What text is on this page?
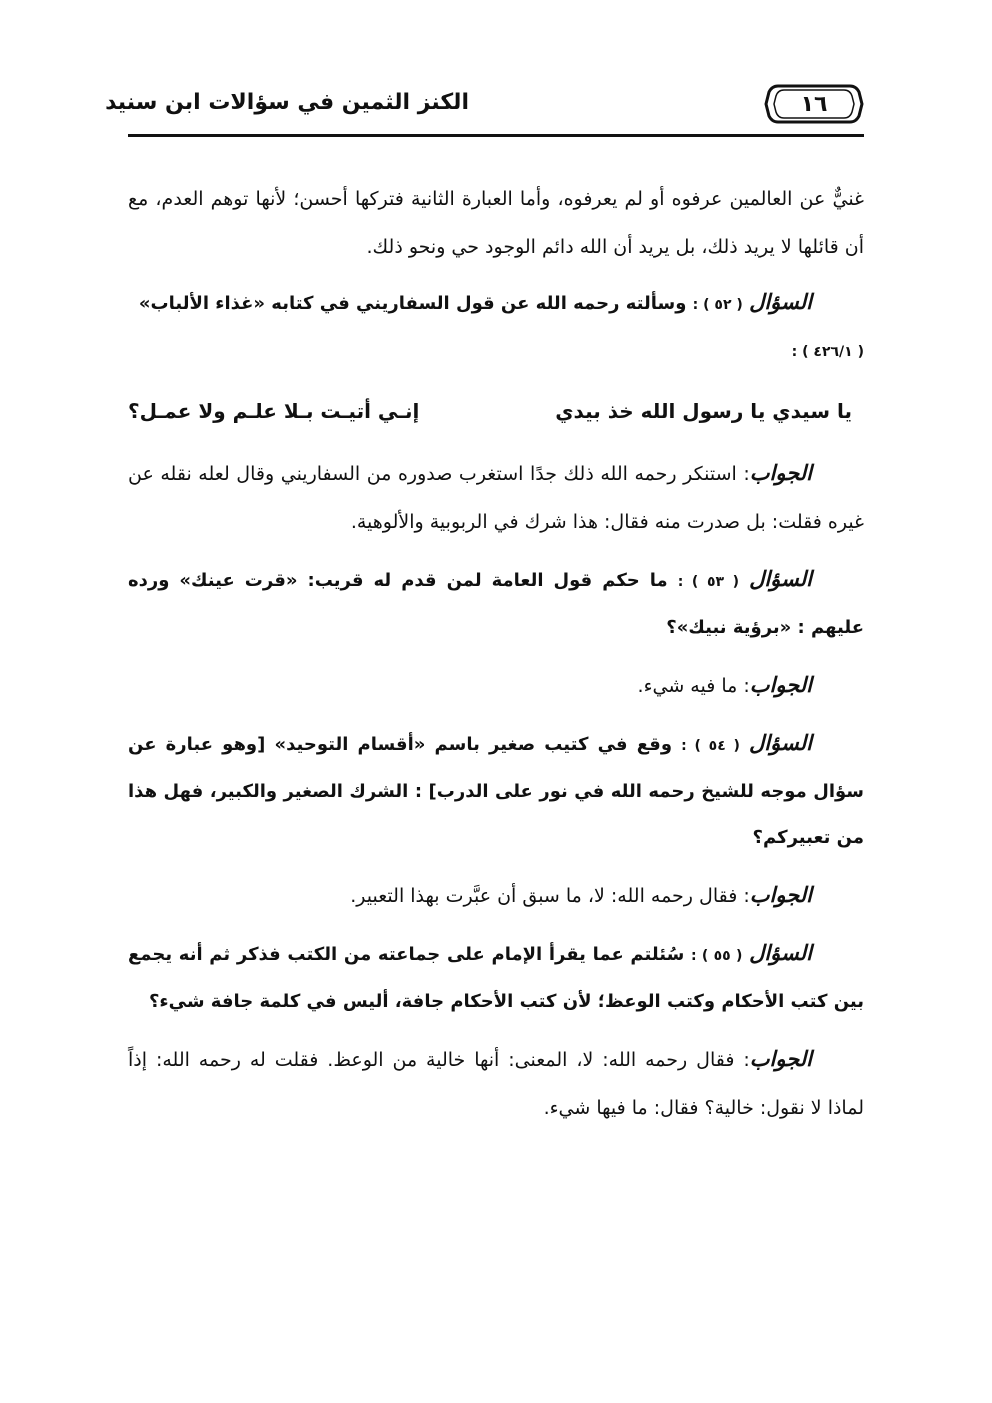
١٦
الكنز الثمين في سؤالات ابن سنيد

غنيٌّ عن العالمين عرفوه أو لم يعرفوه، وأما العبارة الثانية فتركها أحسن؛ لأنها توهم العدم، مع أن قائلها لا يريد ذلك، بل يريد أن الله دائم الوجود حي ونحو ذلك.

السؤال ( ٥٢ ) : وسألته رحمه الله عن قول السفاريني في كتابه «غذاء الألباب»
( ٤٢٦/١ ) :

يا سيدي يا رسول الله خذ بيدي
إنـي أتيـت بـلا علـم ولا عمـل؟

الجواب: استنكر رحمه الله ذلك جدًا استغرب صدوره من السفاريني وقال لعله نقله عن غيره فقلت: بل صدرت منه فقال: هذا شرك في الربوبية والألوهية.

السؤال ( ٥٣ ) : ما حكم قول العامة لمن قدم له قريب: «قرت عينك» ورده عليهم : «برؤية نبيك»؟

الجواب: ما فيه شيء.

السؤال ( ٥٤ ) : وقع في كتيب صغير باسم «أقسام التوحيد» [وهو عبارة عن سؤال موجه للشيخ رحمه الله في نور على الدرب] : الشرك الصغير والكبير، فهل هذا من تعبيركم؟

الجواب: فقال رحمه الله: لا، ما سبق أن عبَّرت بهذا التعبير.

السؤال ( ٥٥ ) : سُئلتم عما يقرأ الإمام على جماعته من الكتب فذكر ثم أنه يجمع بين كتب الأحكام وكتب الوعظ؛ لأن كتب الأحكام جافة، أليس في كلمة جافة شيء؟

الجواب: فقال رحمه الله: لا، المعنى: أنها خالية من الوعظ. فقلت له رحمه الله: إذاً لماذا لا نقول: خالية؟ فقال: ما فيها شيء.
